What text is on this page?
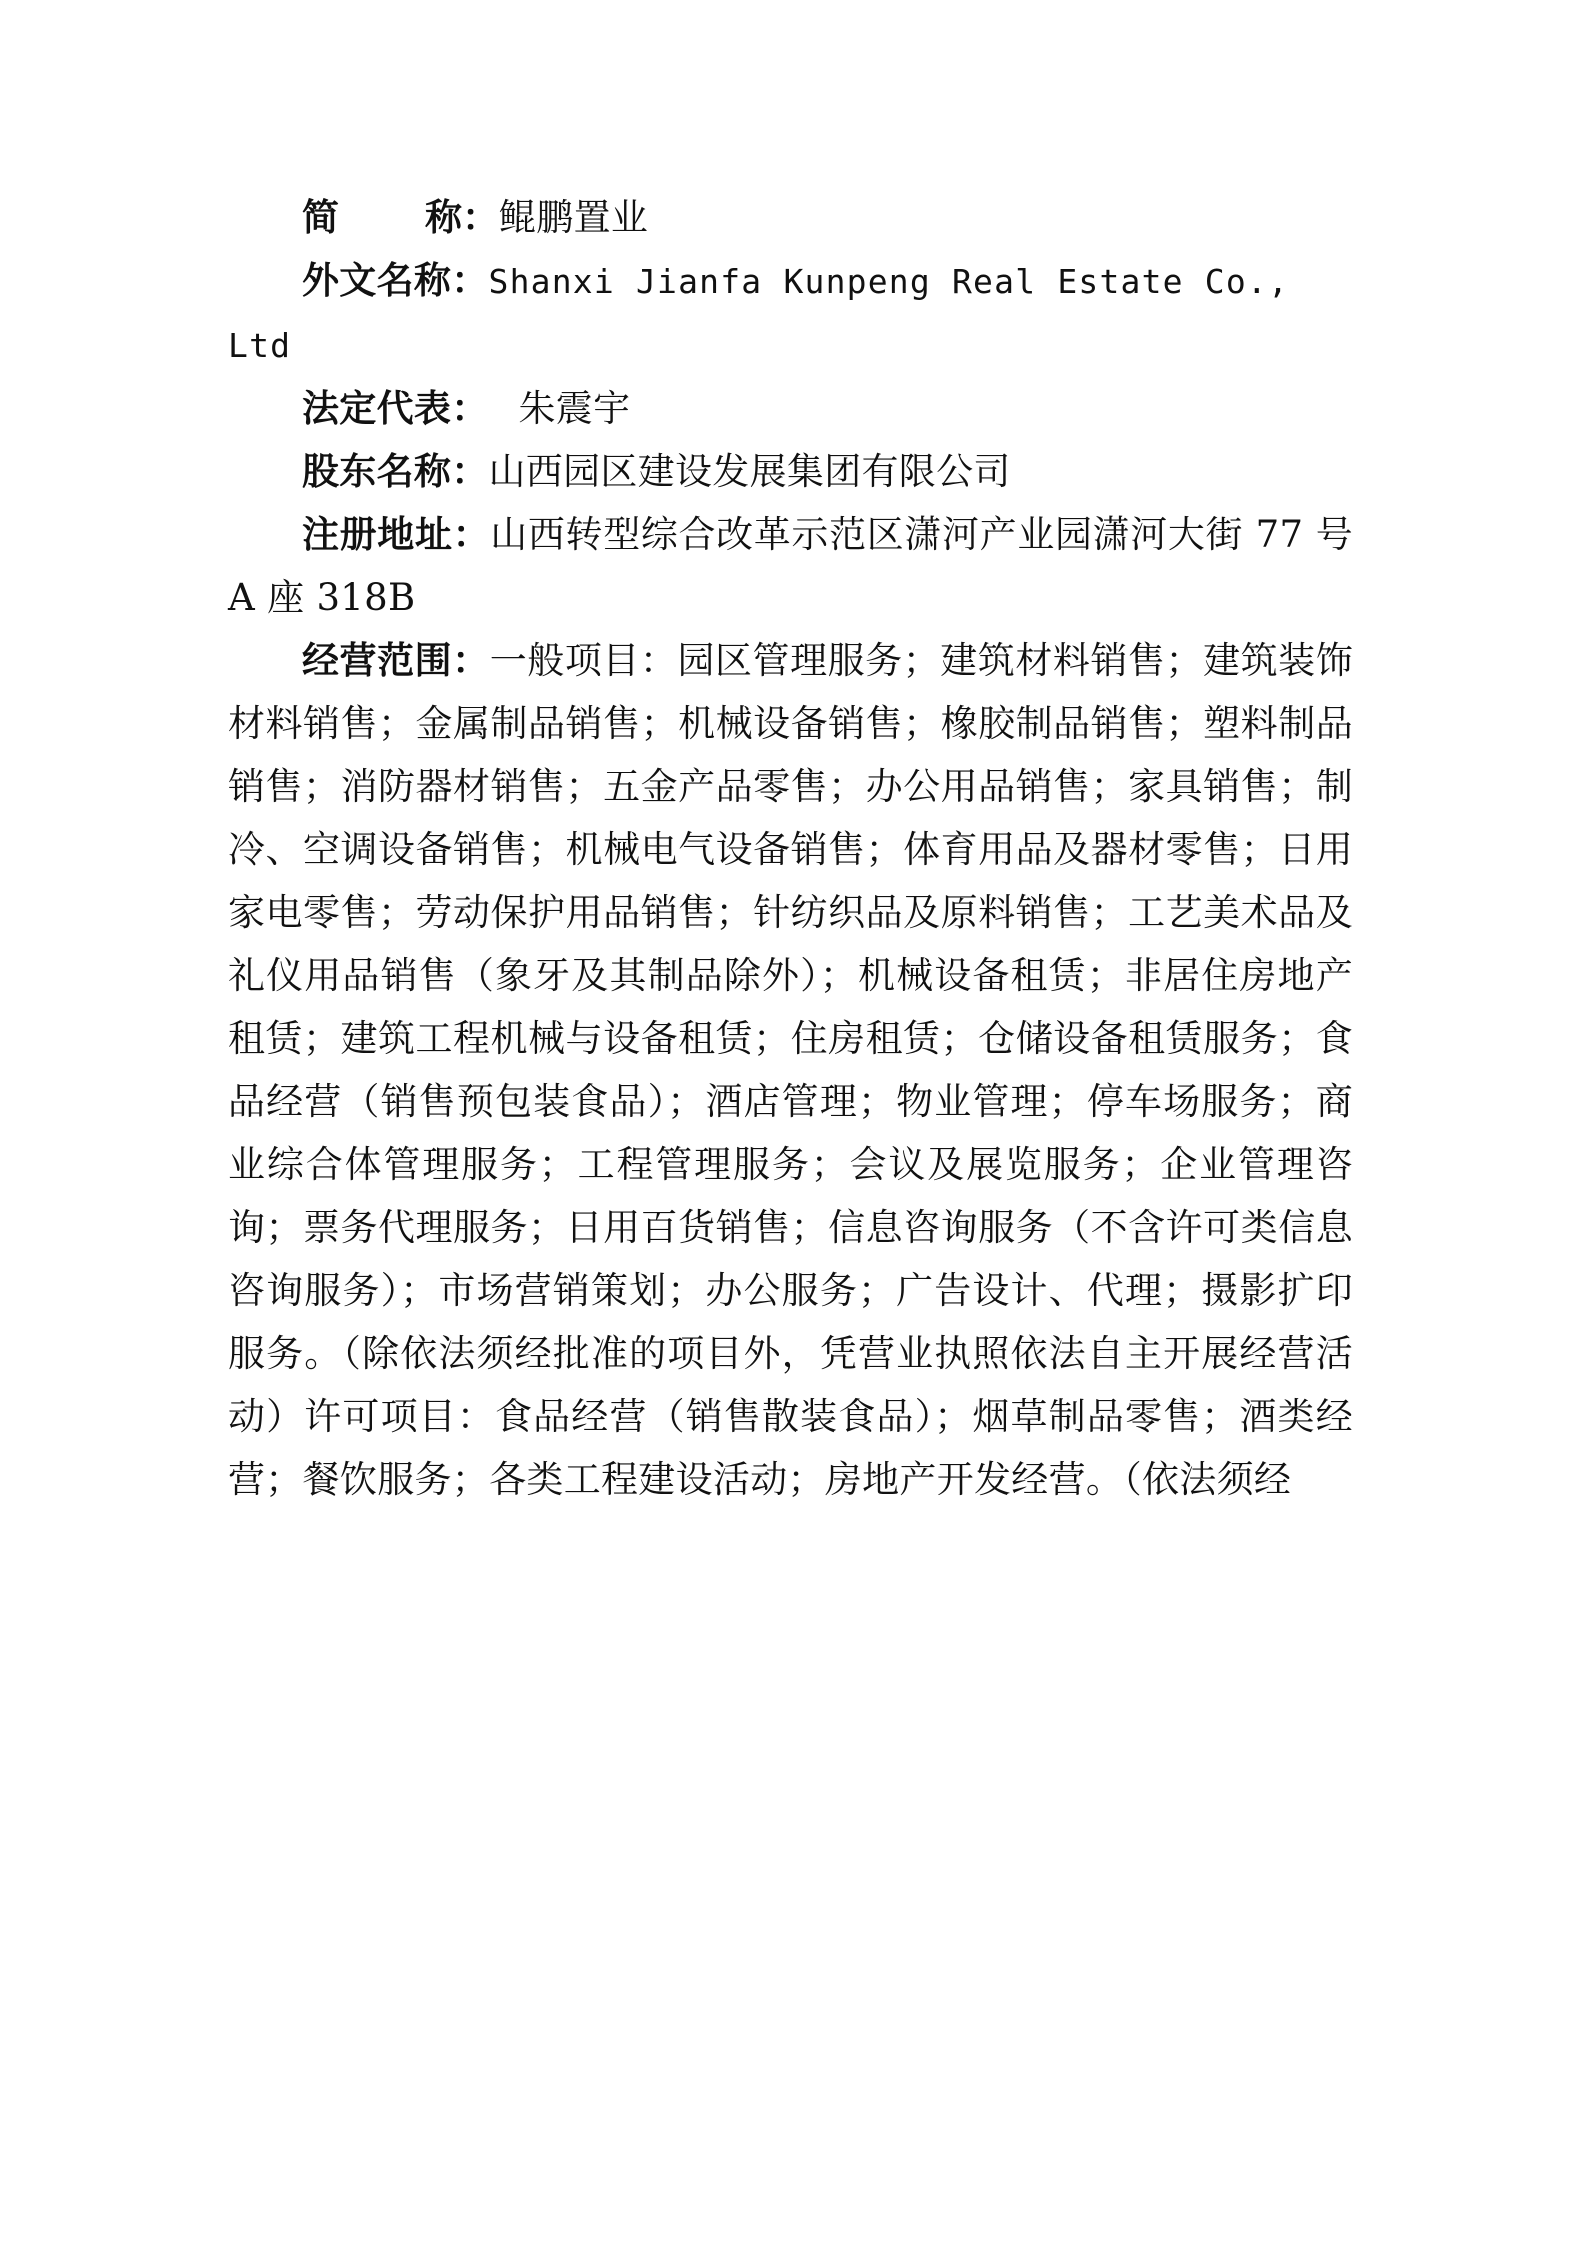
简 称：鲲鹏置业

外文名称：Shanxi Jianfa Kunpeng Real Estate Co.,

Ltd

法定代表： 朱震宇

股东名称：山西园区建设发展集团有限公司

注册地址：山西转型综合改革示范区潇河产业园潇河大街 77 号 A 座 318B

经营范围：一般项目：园区管理服务；建筑材料销售；建筑装饰材料销售；金属制品销售；机械设备销售；橡胶制品销售；塑料制品销售；消防器材销售；五金产品零售；办公用品销售；家具销售；制冷、空调设备销售；机械电气设备销售；体育用品及器材零售；日用家电零售；劳动保护用品销售；针纺织品及原料销售；工艺美术品及礼仪用品销售（象牙及其制品除外）；机械设备租赁；非居住房地产租赁；建筑工程机械与设备租赁；住房租赁；仓储设备租赁服务；食品经营（销售预包装食品）；酒店管理；物业管理；停车场服务；商业综合体管理服务；工程管理服务；会议及展览服务；企业管理咨询；票务代理服务；日用百货销售；信息咨询服务（不含许可类信息咨询服务）；市场营销策划；办公服务；广告设计、代理；摄影扩印服务。（除依法须经批准的项目外，凭营业执照依法自主开展经营活动）许可项目：食品经营（销售散装食品）；烟草制品零售；酒类经营；餐饮服务；各类工程建设活动；房地产开发经营。（依法须经
